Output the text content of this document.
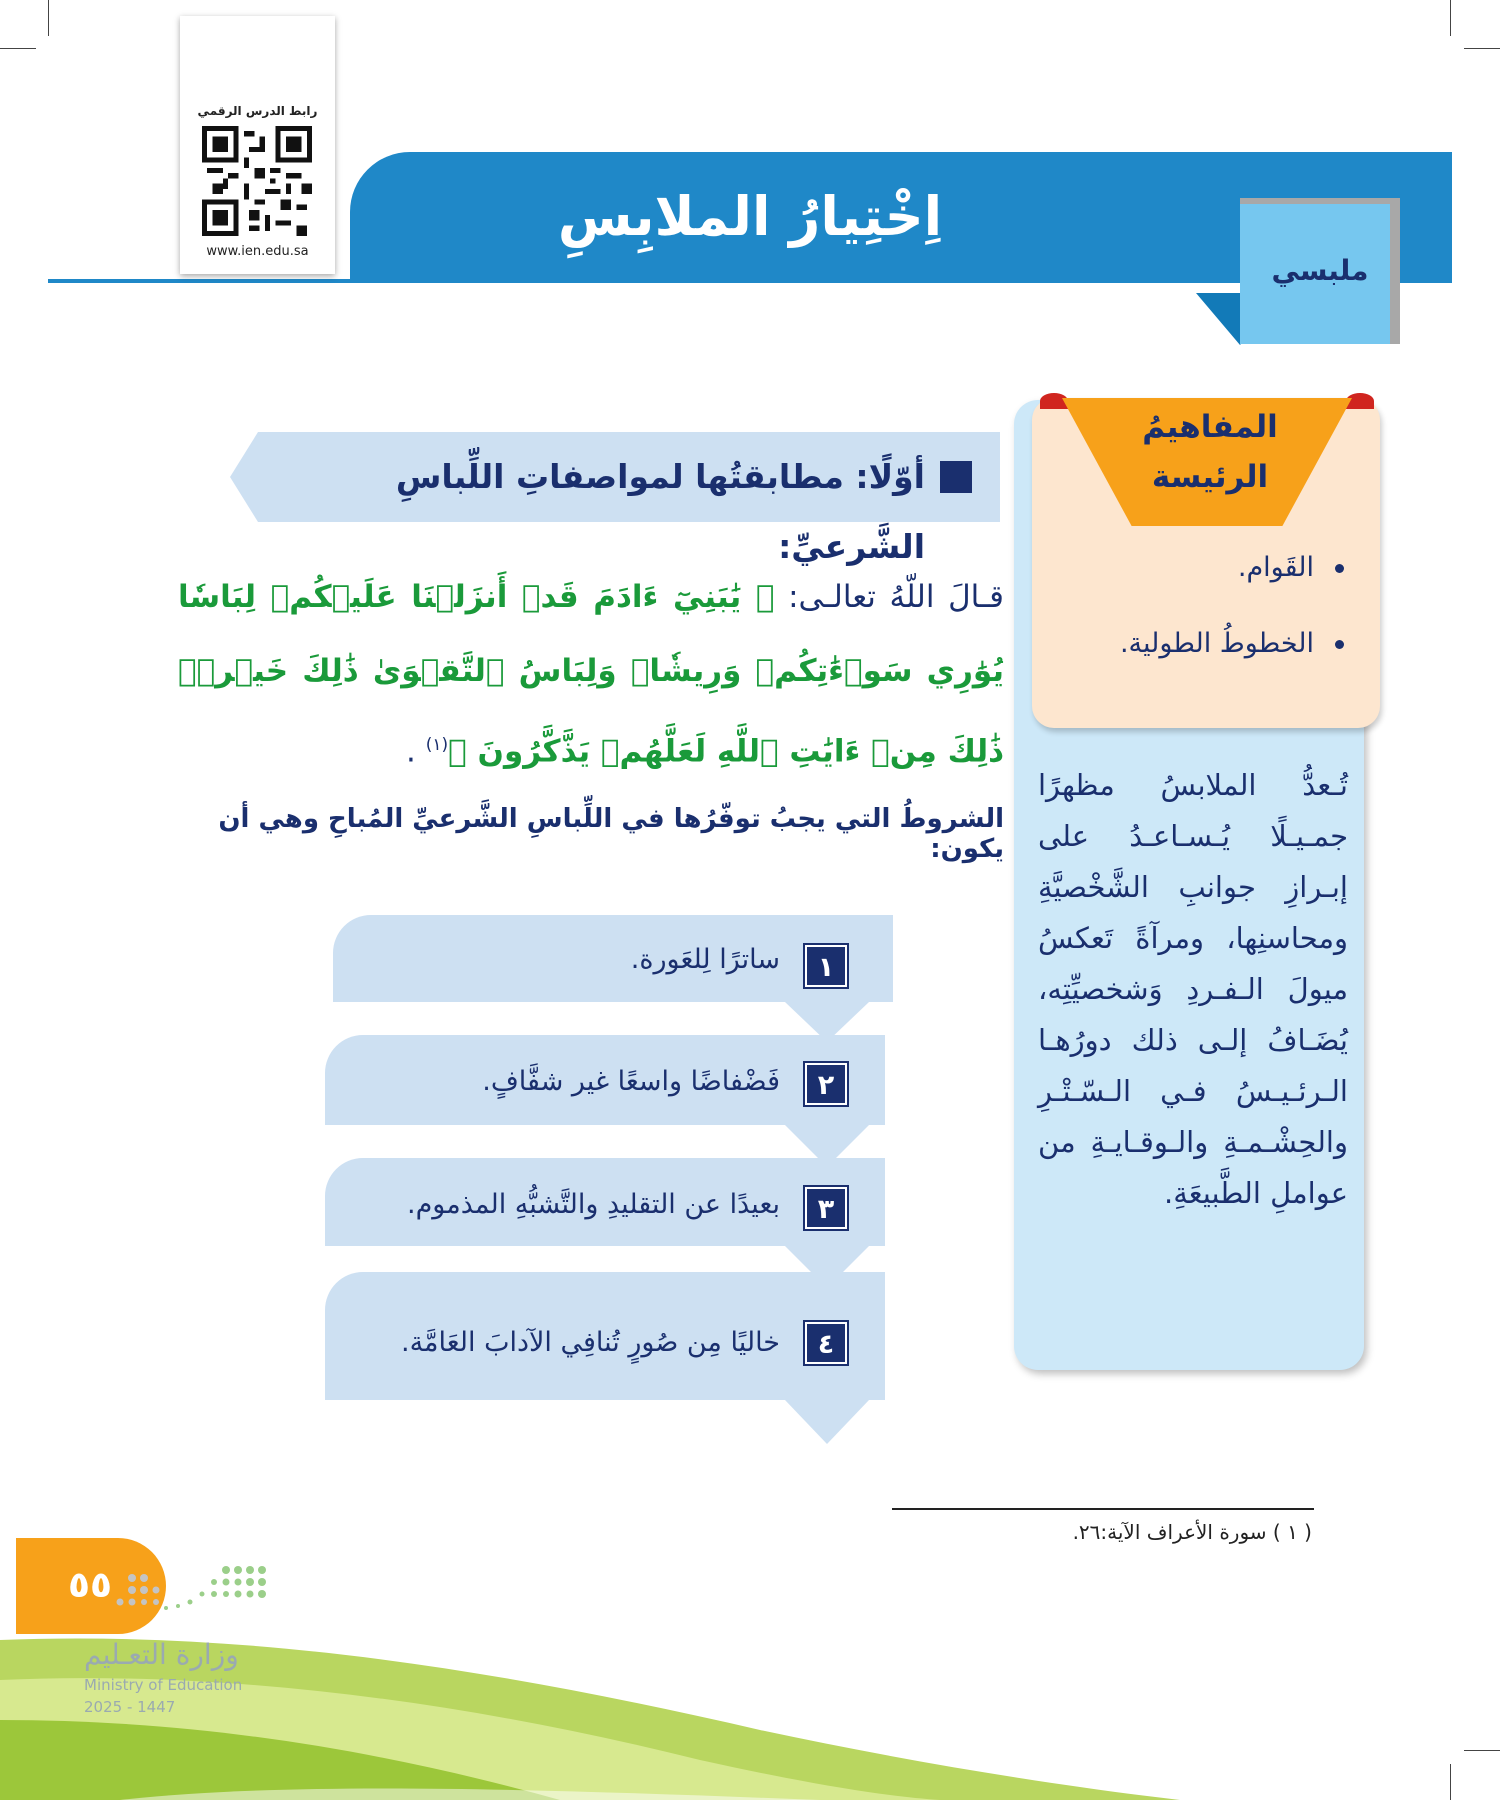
اِخْتِيارُ الملابِسِ
ملبسي
رابط الدرس الرقمي
www.ien.edu.sa
المفاهيمُ
الرئيسة
القَوام.
الخطوطُ الطولية.
تُـعدُّ الملابسُ مظهرًا جمـيـلًا يُـسـاعـدُ على إبـرازِ جوانبِ الشَّخْصيَّةِ ومحاسنِها، ومرآةً تَعكسُ ميولَ الـفـردِ وَشخصيِّتِه، يُضَـافُ إلـى ذلك دورُهـا الـرئـيـسُ فـي الـسّـتْـرِ والحِشْـمـةِ والـوقـايـةِ من عواملِ الطَّبيعَةِ.
أوّلًا: مطابقتُها لمواصفاتِ اللِّباسِ الشَّرعيِّ:
قـالَ اللّهُ تعالـى: ﴿ يَٰبَنِيٓ ءَادَمَ قَدۡ أَنزَلۡنَا عَلَيۡكُمۡ لِبَاسٗا يُوَٰرِي سَوۡءَٰتِكُمۡ وَرِيشٗاۖ وَلِبَاسُ ٱلتَّقۡوَىٰ ذَٰلِكَ خَيۡرٞۚ ذَٰلِكَ مِنۡ ءَايَٰتِ ٱللَّهِ لَعَلَّهُمۡ يَذَّكَّرُونَ ﴾$^{(١)}$ .
الشروطُ التي يجبُ توفّرُها في اللِّباسِ الشَّرعيِّ المُباحِ وهي أن يكون:
١
ساترًا لِلعَورة.
٢
فَضْفاضًا واسعًا غير شفَّافٍ.
٣
بعيدًا عن التقليدِ والتَّشبُّهِ المذموم.
٤
خاليًا مِن صُورٍ تُنافِي الآدابَ العَامَّة.
( ١ ) سورة الأعراف الآية:٢٦.
٥٥
وزارة التعـليم
Ministry of Education
2025 - 1447
